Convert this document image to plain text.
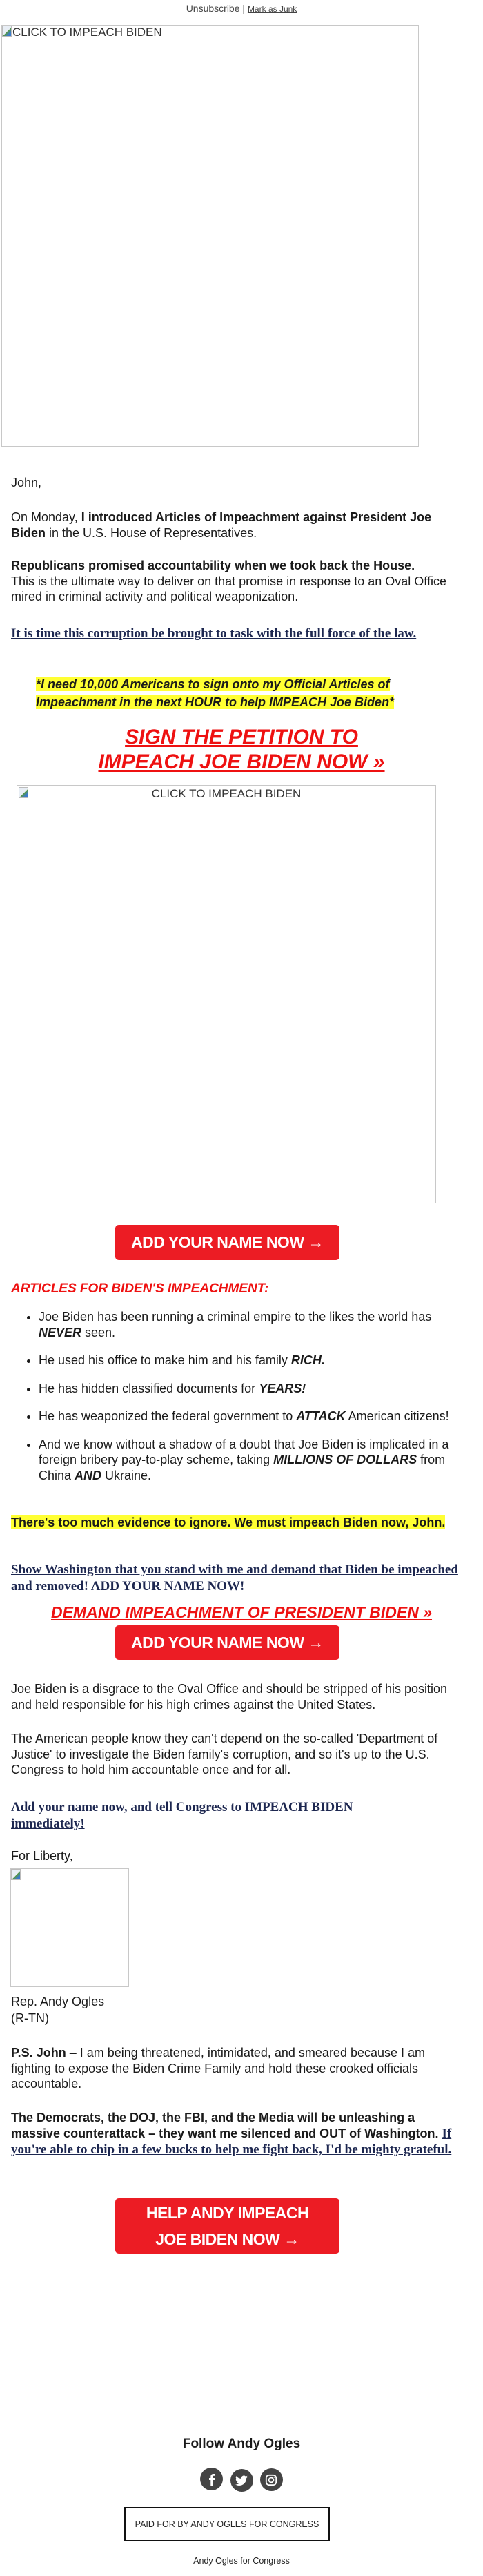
Unsubscribe | Mark as Junk
CLICK TO IMPEACH BIDEN
John,
On Monday, I introduced Articles of Impeachment against President Joe Biden in the U.S. House of Representatives.
Republicans promised accountability when we took back the House.
This is the ultimate way to deliver on that promise in response to an Oval Office mired in criminal activity and political weaponization.
It is time this corruption be brought to task with the full force of the law.
*I need 10,000 Americans to sign onto my Official Articles of Impeachment in the next HOUR to help IMPEACH Joe Biden*
SIGN THE PETITION TO
IMPEACH JOE BIDEN NOW »
CLICK TO IMPEACH BIDEN
ADD YOUR NAME NOW →
ARTICLES FOR BIDEN'S IMPEACHMENT:
• Joe Biden has been running a criminal empire to the likes the world has NEVER seen.
• He used his office to make him and his family RICH.
• He has hidden classified documents for YEARS!
• He has weaponized the federal government to ATTACK American citizens!
• And we know without a shadow of a doubt that Joe Biden is implicated in a foreign bribery pay-to-play scheme, taking MILLIONS OF DOLLARS from China AND Ukraine.
There's too much evidence to ignore. We must impeach Biden now, John.
Show Washington that you stand with me and demand that Biden be impeached and removed! ADD YOUR NAME NOW!
DEMAND IMPEACHMENT OF PRESIDENT BIDEN »
ADD YOUR NAME NOW →
Joe Biden is a disgrace to the Oval Office and should be stripped of his position and held responsible for his high crimes against the United States.
The American people know they can't depend on the so-called 'Department of Justice' to investigate the Biden family's corruption, and so it's up to the U.S. Congress to hold him accountable once and for all.
Add your name now, and tell Congress to IMPEACH BIDEN immediately!
For Liberty,
Rep. Andy Ogles
(R-TN)
P.S. John – I am being threatened, intimidated, and smeared because I am fighting to expose the Biden Crime Family and hold these crooked officials accountable.
The Democrats, the DOJ, the FBI, and the Media will be unleashing a massive counterattack – they want me silenced and OUT of Washington. If you're able to chip in a few bucks to help me fight back, I'd be mighty grateful.
HELP ANDY IMPEACH JOE BIDEN NOW →
Follow Andy Ogles

PAID FOR BY ANDY OGLES FOR CONGRESS
Andy Ogles for Congress
